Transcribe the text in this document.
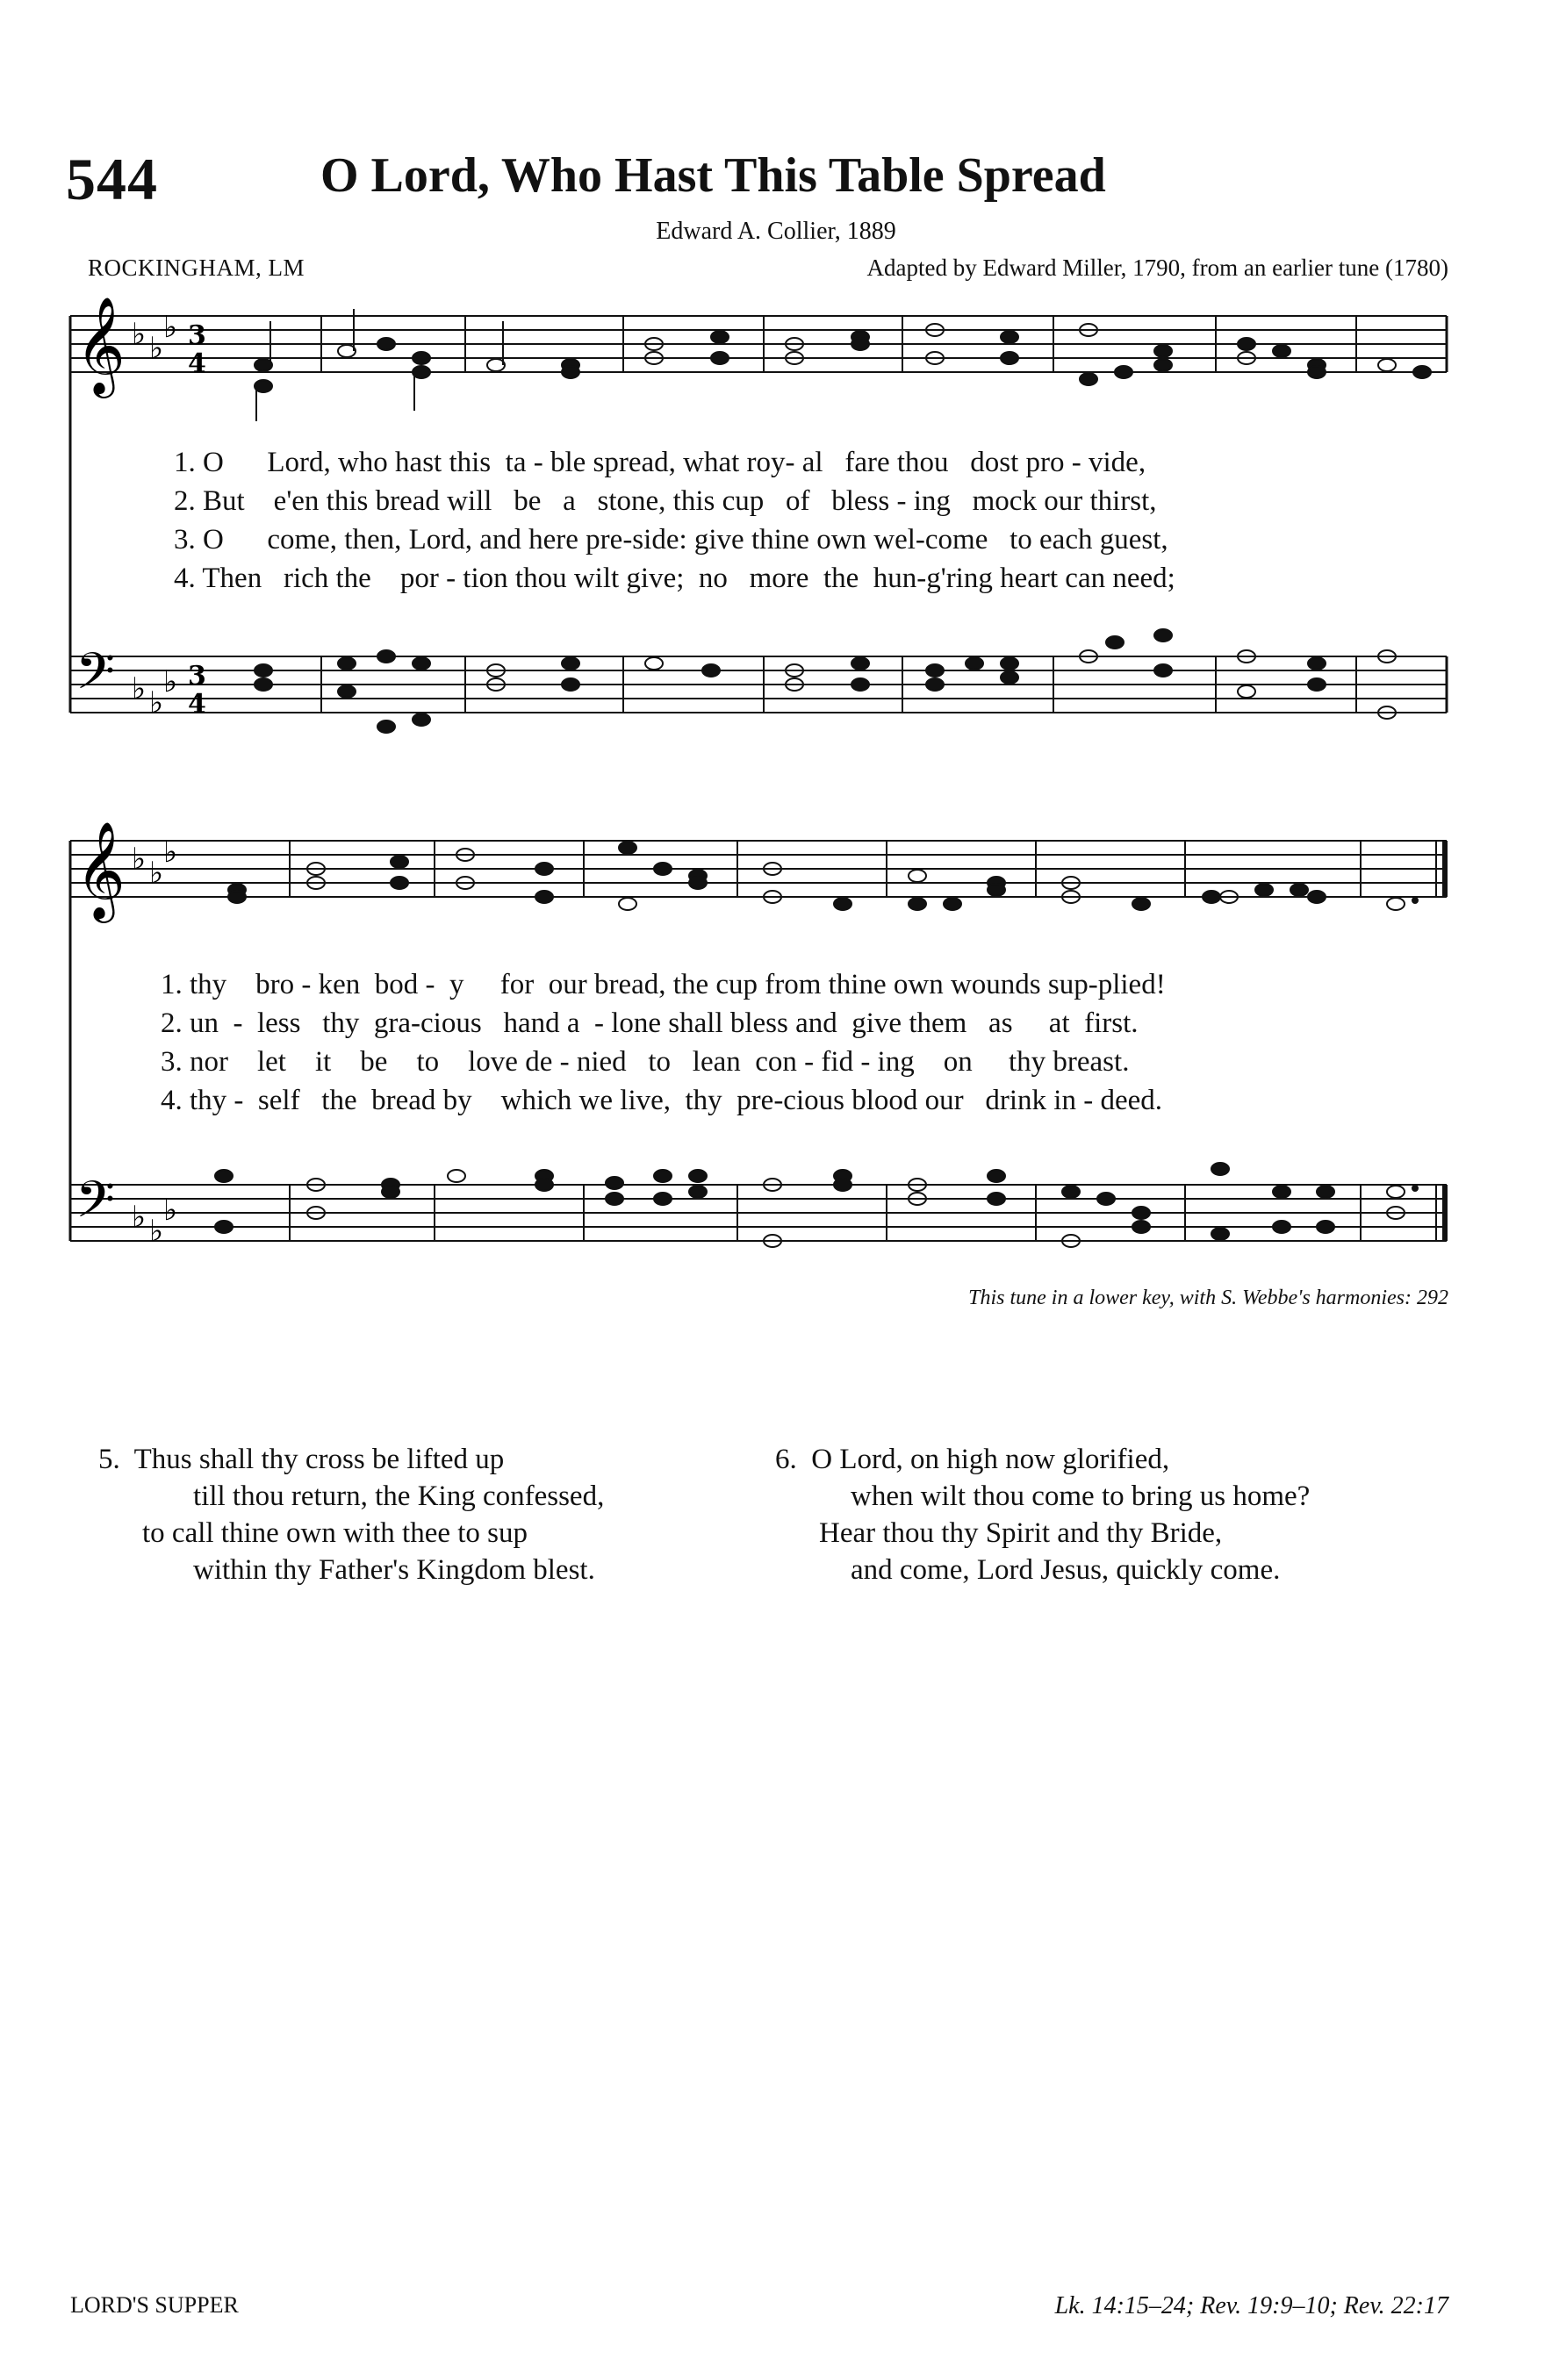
544	O Lord, Who Hast This Table Spread
Edward A. Collier, 1889
ROCKINGHAM, LM	Adapted by Edward Miller, 1790, from an earlier tune (1780)
𝄞 ♭ ♭
♭ 3
4
𝄢 ♭ ♭
♭ 3
4
1. O      Lord, who hast this  ta - ble spread, what roy- al   fare thou   dost pro - vide,
2. But    e'en this bread will   be   a   stone, this cup   of   bless - ing   mock our thirst,
3. O      come, then, Lord, and here pre-side: give thine own wel-come   to each guest,
4. Then   rich the    por - tion thou wilt give;  no   more  the  hun-g'ring heart can need;
𝄞 ♭ ♭
♭
𝄢 ♭ ♭
♭
1. thy    bro - ken  bod -  y     for  our bread, the cup from thine own wounds sup-plied!
2. un  -  less   thy  gra-cious   hand a  - lone shall bless and  give them   as     at  first.
3. nor    let    it    be    to    love de - nied   to   lean  con - fid - ing    on     thy breast.
4. thy -  self   the  bread by    which we live,  thy  pre-cious blood our   drink in - deed.
This tune in a lower key, with S. Webbe's harmonies: 292
5.  Thus shall thy cross be lifted up
till thou return, the King confessed,
to call thine own with thee to sup
within thy Father's Kingdom blest.
6.  O Lord, on high now glorified,
when wilt thou come to bring us home?
Hear thou thy Spirit and thy Bride,
and come, Lord Jesus, quickly come.
LORD'S SUPPER	Lk. 14:15–24; Rev. 19:9–10; Rev. 22:17
